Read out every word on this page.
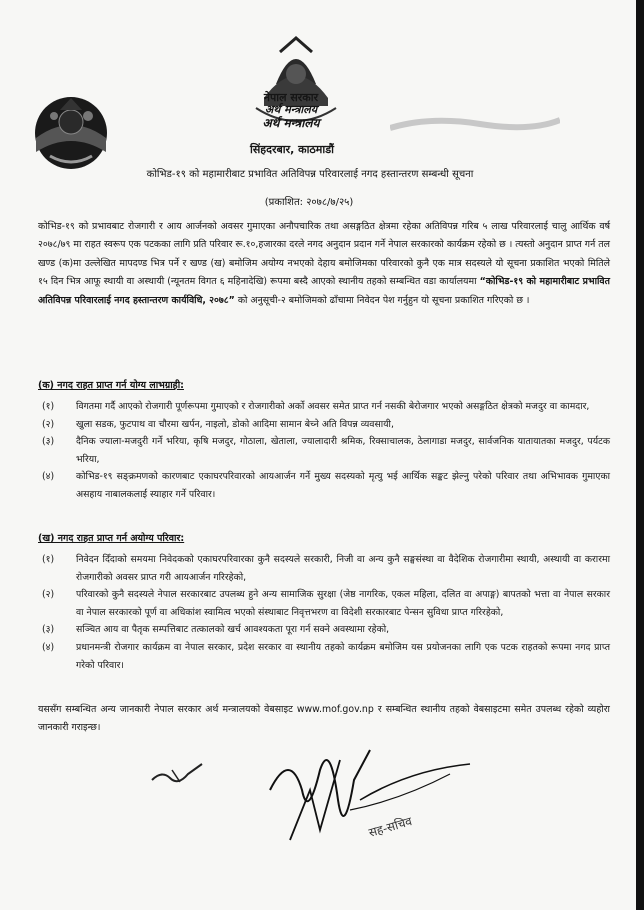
नेपाल सरकार
अर्थ मन्त्रालय
अर्थ मन्त्रालय
सिंहदरबार, काठमाडौं
कोभिड-१९ को महामारीबाट प्रभावित अतिविपन्न परिवारलाई नगद हस्तान्तरण सम्बन्धी सूचना
(प्रकाशित: २०७८/७/२५)
कोभिड-१९ को प्रभावबाट रोजगारी र आय आर्जनको अवसर गुमाएका अनौपचारिक तथा असङ्गठित क्षेत्रमा रहेका अतिविपन्न गरिब ५ लाख परिवारलाई चालु आर्थिक वर्ष २०७८/७९ मा राहत स्वरूप एक पटकका लागि प्रति परिवार रू.१०,हजारका दरले नगद अनुदान प्रदान गर्ने नेपाल सरकारको कार्यक्रम रहेको छ । त्यस्तो अनुदान प्राप्त गर्न तल खण्ड (क)मा उल्लेखित मापदण्ड भित्र पर्ने र खण्ड (ख) बमोजिम अयोग्य नभएको देहाय बमोजिमका परिवारको कुनै एक मात्र सदस्यले यो सूचना प्रकाशित भएको मितिले १५ दिन भित्र आफू स्थायी वा अस्थायी (न्यूनतम विगत ६ महिनादेखि) रूपमा बस्दै आएको स्थानीय तहको सम्बन्धित वडा कार्यालयमा “कोभिड-१९ को महामारीबाट प्रभावित अतिविपन्न परिवारलाई नगद हस्तान्तरण कार्यविधि, २०७८” को अनुसूची-२ बमोजिमको ढाँचामा निवेदन पेश गर्नुहुन यो सूचना प्रकाशित गरिएको छ ।
(क) नगद राहत प्राप्त गर्न योग्य लाभग्राही:
(१) विगतमा गर्दै आएको रोजगारी पूर्णरूपमा गुमाएको र रोजगारीको अर्को अवसर समेत प्राप्त गर्न नसकी बेरोजगार भएको असङ्गठित क्षेत्रको मजदुर वा कामदार,
(२) खुला सडक, फुटपाथ वा चौरमा खर्पन, नाइलो, डोको आदिमा सामान बेच्ने अति विपन्न व्यवसायी,
(३) दैनिक ज्याला-मजदुरी गर्ने भरिया, कृषि मजदुर, गोठाला, खेताला, ज्यालादारी श्रमिक, रिक्साचालक, ठेलागाडा मजदुर, सार्वजनिक यातायातका मजदुर, पर्यटक भरिया,
(४) कोभिड-१९ सङ्क्रमणको कारणबाट एकाघरपरिवारको आयआर्जन गर्ने मुख्य सदस्यको मृत्यु भई आर्थिक सङ्कट झेल्नु परेको परिवार तथा अभिभावक गुमाएका असहाय नाबालकलाई स्याहार गर्ने परिवार।
(ख) नगद राहत प्राप्त गर्न अयोग्य परिवार:
(१) निवेदन दिँदाको समयमा निवेदकको एकाघरपरिवारका कुनै सदस्यले सरकारी, निजी वा अन्य कुनै सङ्घसंस्था वा वैदेशिक रोजगारीमा स्थायी, अस्थायी वा करारमा रोजगारीको अवसर प्राप्त गरी आयआर्जन गरिरहेको,
(२) परिवारको कुनै सदस्यले नेपाल सरकारबाट उपलब्ध हुने अन्य सामाजिक सुरक्षा (जेष्ठ नागरिक, एकल महिला, दलित वा अपाङ्ग) बापतको भत्ता वा नेपाल सरकार वा नेपाल सरकारको पूर्ण वा अधिकांश स्वामित्व भएको संस्थाबाट निवृत्तभरण वा विदेशी सरकारबाट पेन्सन सुविधा प्राप्त गरिरहेको,
(३) सञ्चित आय वा पैतृक सम्पत्तिबाट तत्कालको खर्च आवश्यकता पूरा गर्न सक्ने अवस्थामा रहेको,
(४) प्रधानमन्त्री रोजगार कार्यक्रम वा नेपाल सरकार, प्रदेश सरकार वा स्थानीय तहको कार्यक्रम बमोजिम यस प्रयोजनका लागि एक पटक राहतको रूपमा नगद प्राप्त गरेको परिवार।
यससँग सम्बन्धित अन्य जानकारी नेपाल सरकार अर्थ मन्त्रालयको वेबसाइट www.mof.gov.np र सम्बन्धित स्थानीय तहको वेबसाइटमा समेत उपलब्ध रहेको व्यहोरा जानकारी गराइन्छ।
सह-सचिव
